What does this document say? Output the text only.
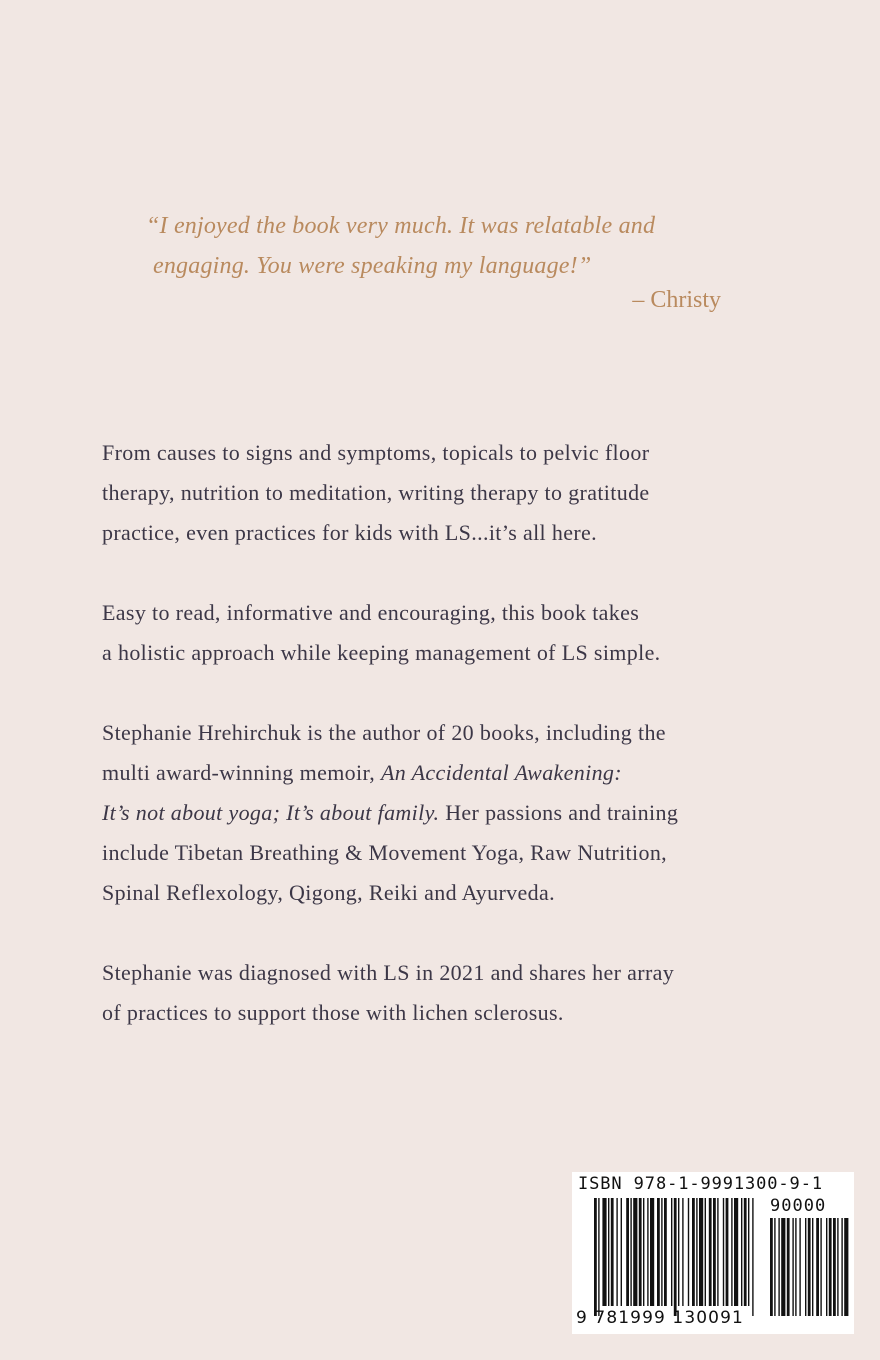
“I enjoyed the book very much. It was relatable and
engaging. You were speaking my language!”
– Christy
From causes to signs and symptoms, topicals to pelvic floor
therapy, nutrition to meditation, writing therapy to gratitude
practice, even practices for kids with LS...it’s all here.
Easy to read, informative and encouraging, this book takes
a holistic approach while keeping management of LS simple.
Stephanie Hrehirchuk is the author of 20 books, including the
multi award-winning memoir, An Accidental Awakening:
It’s not about yoga; It’s about family. Her passions and training
include Tibetan Breathing & Movement Yoga, Raw Nutrition,
Spinal Reflexology, Qigong, Reiki and Ayurveda.
Stephanie was diagnosed with LS in 2021 and shares her array
of practices to support those with lichen sclerosus.
ISBN 978-1-9991300-9-1
90000
9 781999 130091
